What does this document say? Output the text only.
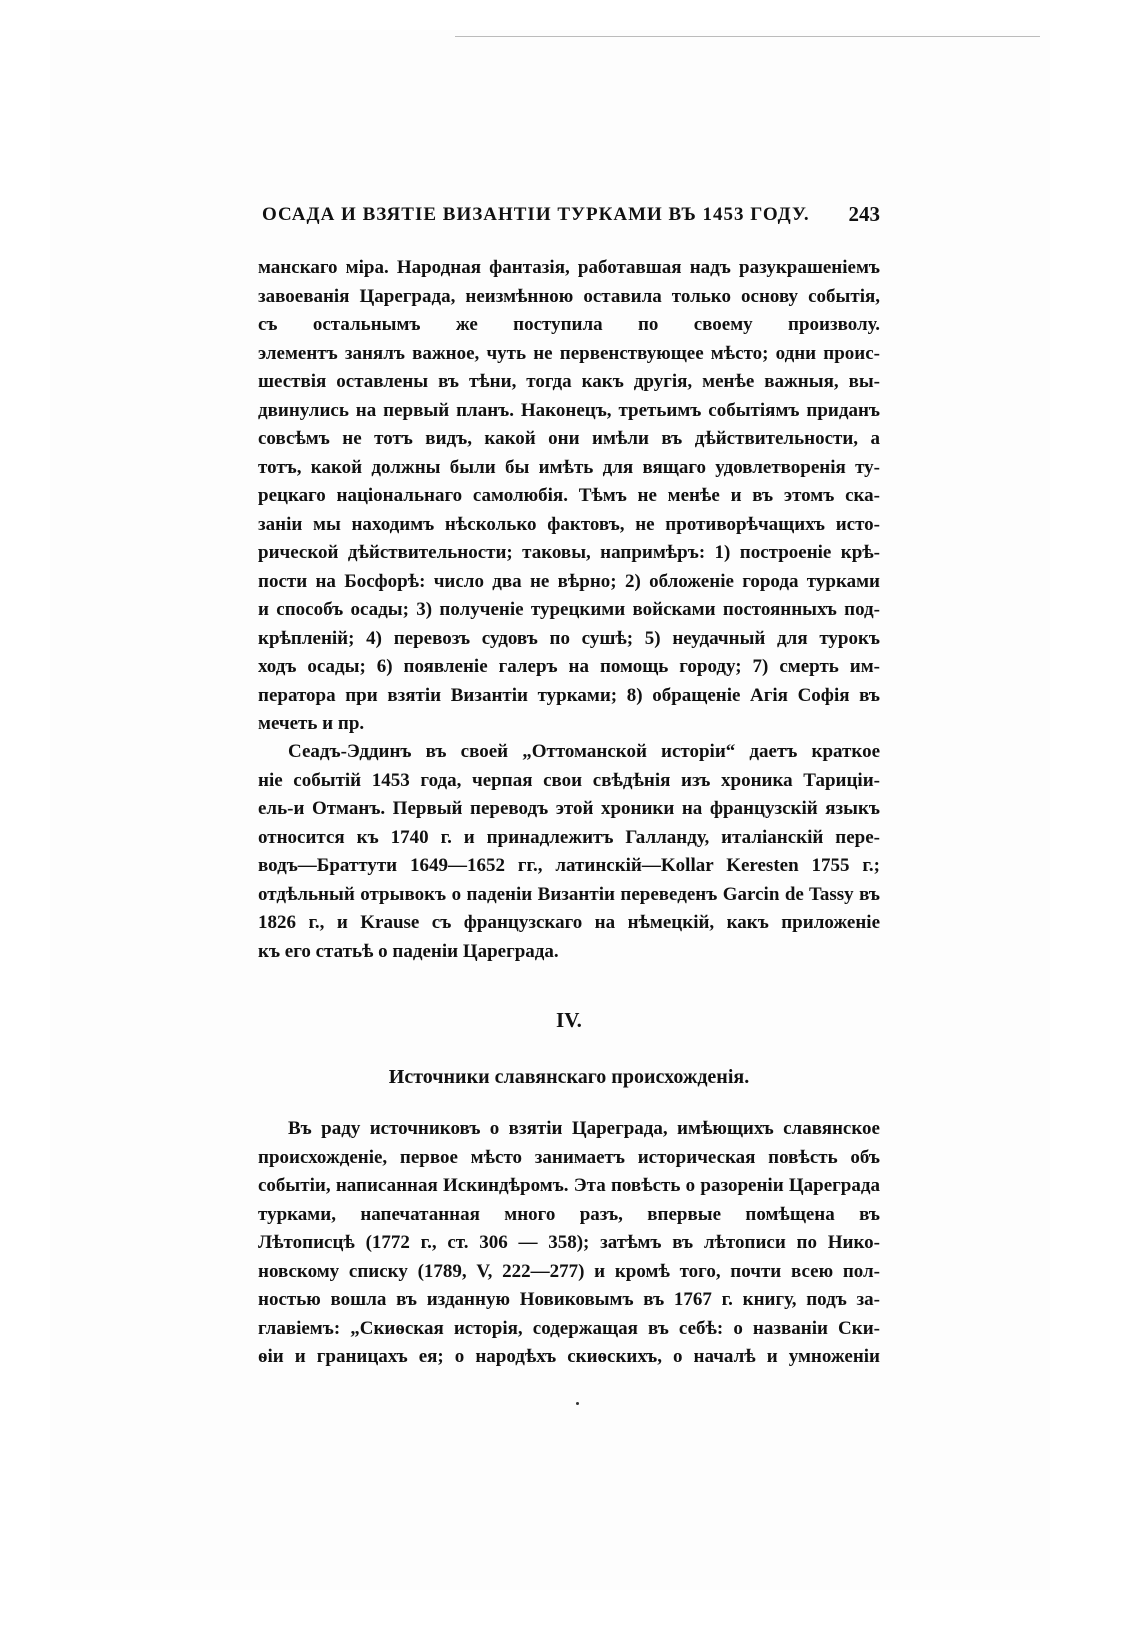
ОСАДА И ВЗЯТІЕ ВИЗАНТІИ ТУРКАМИ ВЪ 1453 ГОДУ. 243
манскаго міра. Народная фантазія, работавшая надъ разукрашеніемъ
завоеванія Цареграда, неизмѣнною оставила только основу событія,
съ остальнымъ же поступила по своему произволу.
элементъ занялъ важное, чуть не первенствующее мѣсто; одни проис-
шествія оставлены въ тѣни, тогда какъ другія, менѣе важныя, вы-
двинулись на первый планъ. Наконецъ, третьимъ событіямъ приданъ
совсѣмъ не тотъ видъ, какой они имѣли въ дѣйствительности, а
тотъ, какой должны были бы имѣть для вящаго удовлетворенія ту-
рецкаго національнаго самолюбія. Тѣмъ не менѣе и въ этомъ ска-
заніи мы находимъ нѣсколько фактовъ, не противорѣчащихъ исто-
рической дѣйствительности; таковы, напримѣръ: 1) построеніе крѣ-
пости на Босфорѣ: число два не вѣрно; 2) обложеніе города турками
и способъ осады; 3) полученіе турецкими войсками постоянныхъ под-
крѣпленій; 4) перевозъ судовъ по сушѣ; 5) неудачный для турокъ
ходъ осады; 6) появленіе галеръ на помощь городу; 7) смерть им-
ператора при взятіи Византіи турками; 8) обращеніе Агія Софія въ
мечеть и пр.
Сеадъ-Эддинъ въ своей „Оттоманской исторіи“ даетъ краткое
ніе событій 1453 года, черпая свои свѣдѣнія изъ хроника Тарицiи-
ель-и Отманъ. Первый переводъ этой хроники на французскій языкъ
относится къ 1740 г. и принадлежитъ Галланду, италіанскій пере-
водъ—Браттути 1649—1652 гг., латинскій—Kollar Keresten 1755 г.;
отдѣльный отрывокъ о паденіи Византіи переведенъ Garcin de Tassy въ
1826 г., и Krause съ французскаго на нѣмецкій, какъ приложеніе
къ его статьѣ о паденіи Цареграда.
IV.
Источники славянскаго происхожденія.
Въ раду источниковъ о взятіи Цареграда, имѣющихъ славянское
происхожденіе, первое мѣсто занимаетъ историческая повѣсть объ
событіи, написанная Искиндѣромъ. Эта повѣсть о разореніи Цареграда
турками, напечатанная много разъ, впервые помѣщена въ
Лѣтописцѣ (1772 г., ст. 306 — 358); затѣмъ въ лѣтописи по Нико-
новскому списку (1789, V, 222—277) и кромѣ того, почти всею пол-
ностью вошла въ изданную Новиковымъ въ 1767 г. книгу, подъ за-
главіемъ: „Скиѳская исторія, содержащая въ себѣ: о названіи Ски-
ѳіи и границахъ ея; о народѣхъ скиѳскихъ, о началѣ и умноженіи
